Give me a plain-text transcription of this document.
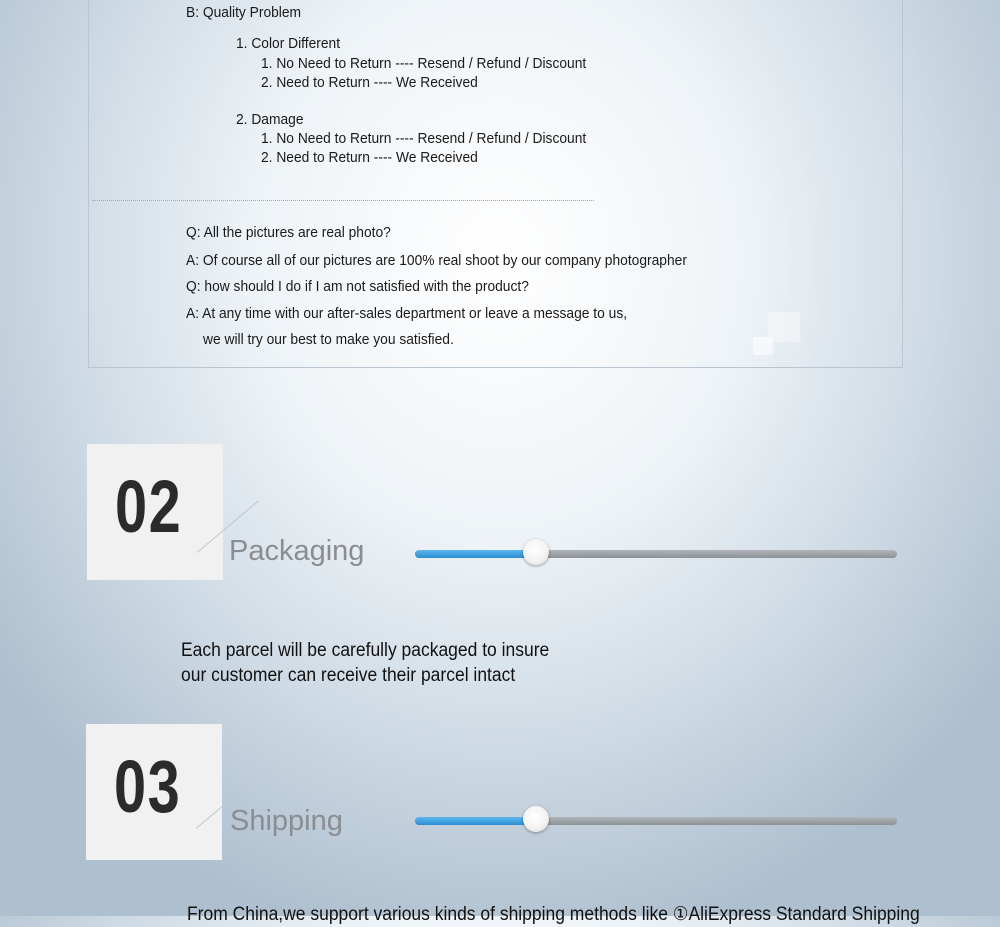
B: Quality Problem
1. Color Different
1. No Need to Return ---- Resend / Refund / Discount
2. Need to Return ---- We Received
2. Damage
1. No Need to Return ---- Resend / Refund / Discount
2. Need to Return ---- We Received
Q: All the pictures are real photo?
A: Of course all of our pictures are 100% real shoot by our company photographer
Q: how should I do if I am not satisfied with the product?
A: At any time with our after-sales department or leave a message to us,
we will try our best to make you satisfied.
02
Packaging
Each parcel will be carefully packaged to insure
our customer can receive their parcel intact
03 Shipping
From China,we support various kinds of shipping methods like ①AliExpress Standard Shipping
